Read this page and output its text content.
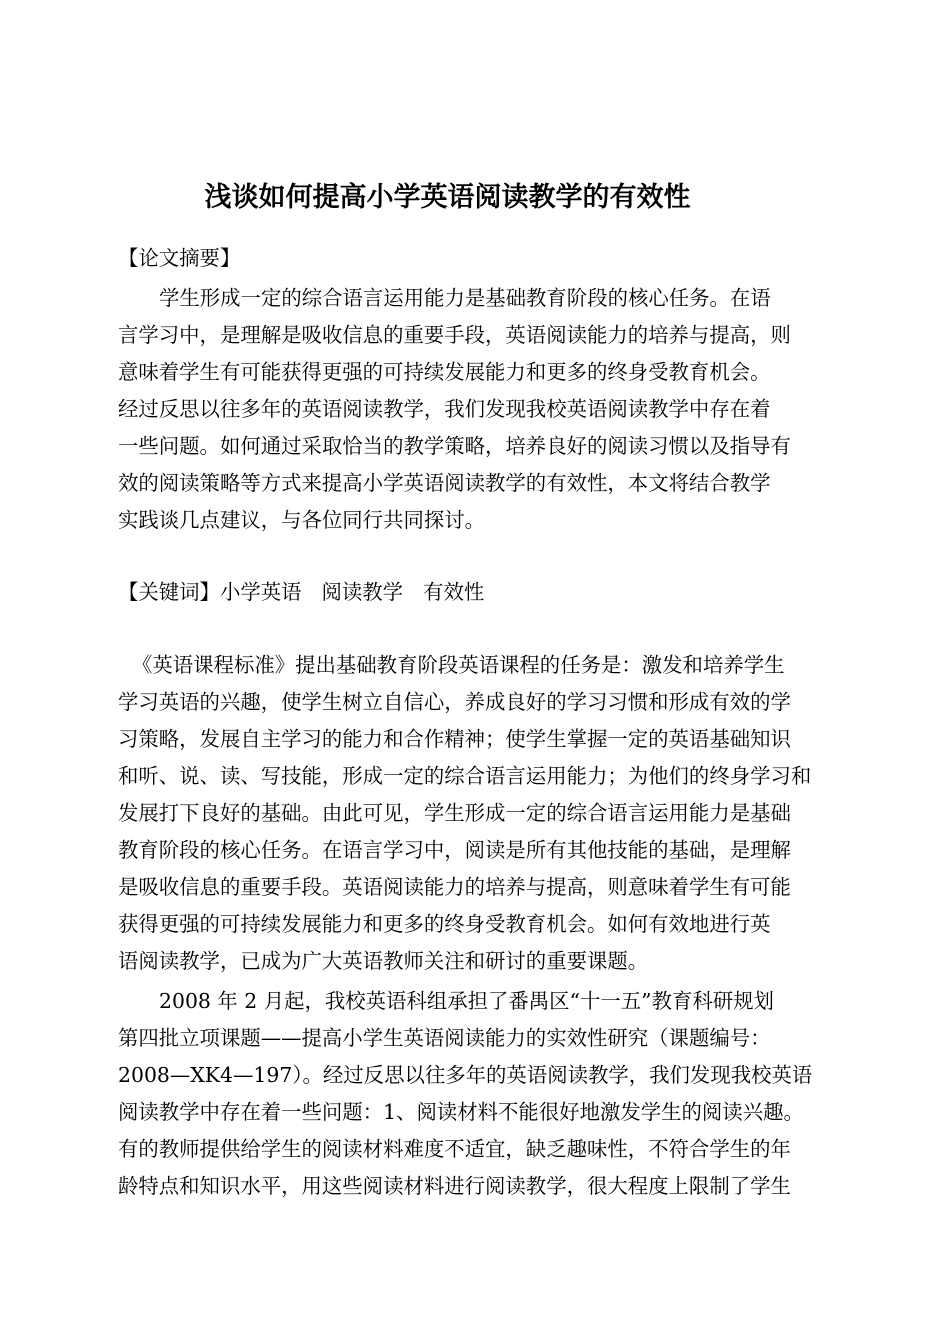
浅谈如何提高小学英语阅读教学的有效性
【论文摘要】
学生形成一定的综合语言运用能力是基础教育阶段的核心任务。在语
言学习中，是理解是吸收信息的重要手段，英语阅读能力的培养与提高，则
意味着学生有可能获得更强的可持续发展能力和更多的终身受教育机会。
经过反思以往多年的英语阅读教学，我们发现我校英语阅读教学中存在着
一些问题。如何通过采取恰当的教学策略，培养良好的阅读习惯以及指导有
效的阅读策略等方式来提高小学英语阅读教学的有效性，本文将结合教学
实践谈几点建议，与各位同行共同探讨。
【关键词】小学英语 阅读教学 有效性
《英语课程标准》提出基础教育阶段英语课程的任务是：激发和培养学生
学习英语的兴趣，使学生树立自信心，养成良好的学习习惯和形成有效的学
习策略，发展自主学习的能力和合作精神；使学生掌握一定的英语基础知识
和听、说、读、写技能，形成一定的综合语言运用能力；为他们的终身学习和
发展打下良好的基础。由此可见，学生形成一定的综合语言运用能力是基础
教育阶段的核心任务。在语言学习中，阅读是所有其他技能的基础，是理解
是吸收信息的重要手段。英语阅读能力的培养与提高，则意味着学生有可能
获得更强的可持续发展能力和更多的终身受教育机会。如何有效地进行英
语阅读教学，已成为广大英语教师关注和研讨的重要课题。
2008 年 2 月起，我校英语科组承担了番禺区“十一五”教育科研规划
第四批立项课题——提高小学生英语阅读能力的实效性研究（课题编号：
2008—XK4—197）。经过反思以往多年的英语阅读教学，我们发现我校英语
阅读教学中存在着一些问题：1、阅读材料不能很好地激发学生的阅读兴趣。
有的教师提供给学生的阅读材料难度不适宜，缺乏趣味性，不符合学生的年
龄特点和知识水平，用这些阅读材料进行阅读教学，很大程度上限制了学生
